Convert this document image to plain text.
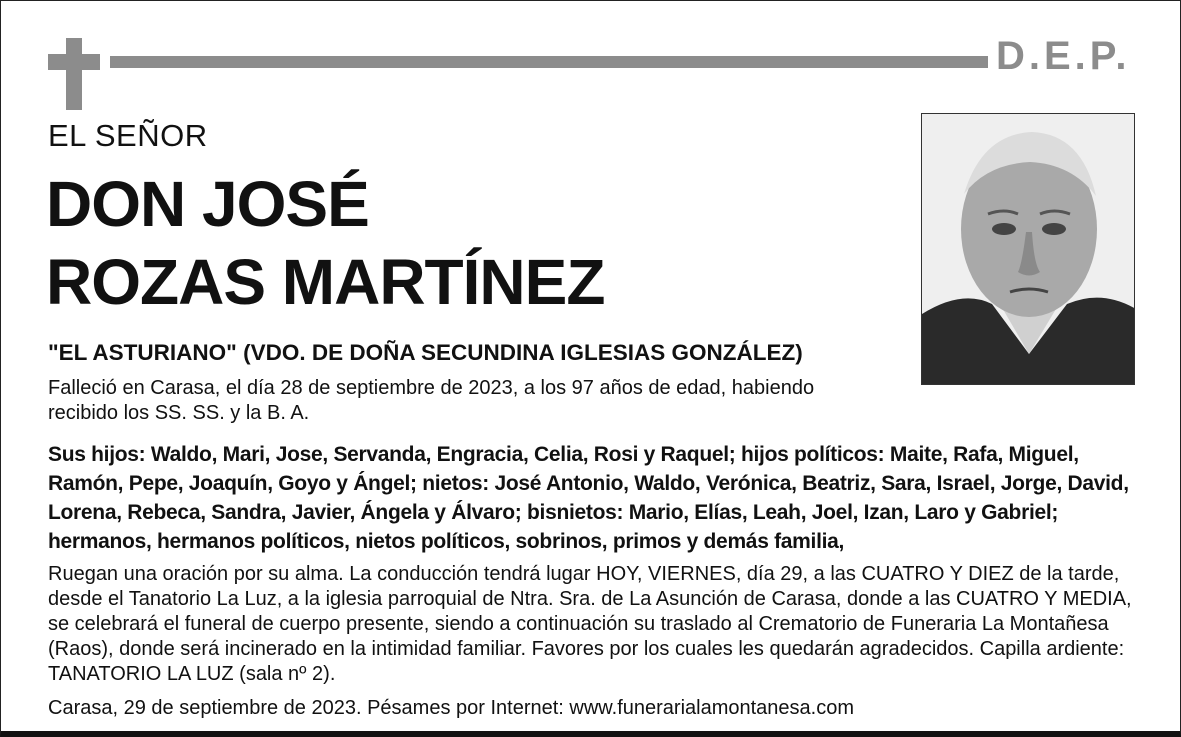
D.E.P.
EL SEÑOR
DON JOSÉ
ROZAS MARTÍNEZ
"EL ASTURIANO" (VDO. DE DOÑA SECUNDINA IGLESIAS GONZÁLEZ)
Falleció en Carasa, el día 28 de septiembre de 2023, a los 97 años de edad, habiendo recibido los SS. SS. y la B. A.
Sus hijos: Waldo, Mari, Jose, Servanda, Engracia, Celia, Rosi y Raquel; hijos políticos: Maite, Rafa, Miguel, Ramón, Pepe, Joaquín, Goyo y Ángel; nietos: José Antonio, Waldo, Verónica, Beatriz, Sara, Israel, Jorge, David, Lorena, Rebeca, Sandra, Javier, Ángela y Álvaro; bisnietos: Mario, Elías, Leah, Joel, Izan, Laro y Gabriel; hermanos, hermanos políticos, nietos políticos, sobrinos, primos y demás familia,
Ruegan una oración por su alma. La conducción tendrá lugar HOY, VIERNES, día 29, a las CUATRO Y DIEZ de la tarde, desde el Tanatorio La Luz, a la iglesia parroquial de Ntra. Sra. de La Asunción de Carasa, donde a las CUATRO Y MEDIA, se celebrará el funeral de cuerpo presente, siendo a continuación su traslado al Crematorio de Funeraria La Montañesa (Raos), donde será incinerado en la intimidad familiar. Favores por los cuales les quedarán agradecidos. Capilla ardiente: TANATORIO LA LUZ (sala nº 2).
Carasa, 29 de septiembre de 2023. Pésames por Internet: www.funerarialamontanesa.com
